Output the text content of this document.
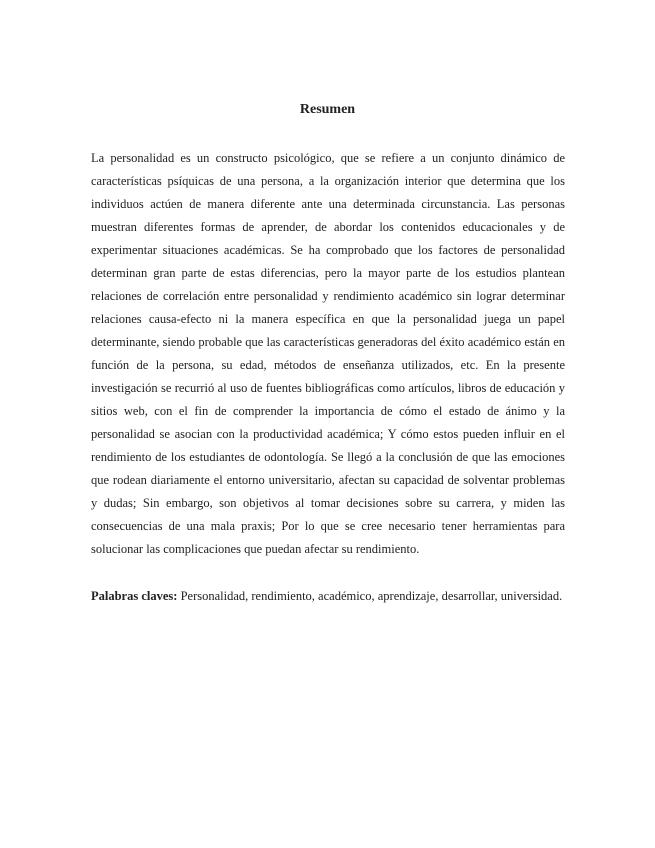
Resumen

La personalidad es un constructo psicológico, que se refiere a un conjunto dinámico de características psíquicas de una persona, a la organización interior que determina que los individuos actúen de manera diferente ante una determinada circunstancia. Las personas muestran diferentes formas de aprender, de abordar los contenidos educacionales y de experimentar situaciones académicas. Se ha comprobado que los factores de personalidad determinan gran parte de estas diferencias, pero la mayor parte de los estudios plantean relaciones de correlación entre personalidad y rendimiento académico sin lograr determinar relaciones causa-efecto ni la manera específica en que la personalidad juega un papel determinante, siendo probable que las características generadoras del éxito académico están en función de la persona, su edad, métodos de enseñanza utilizados, etc. En la presente investigación se recurrió al uso de fuentes bibliográficas como artículos, libros de educación y sitios web, con el fin de comprender la importancia de cómo el estado de ánimo y la personalidad se asocian con la productividad académica; Y cómo estos pueden influir en el rendimiento de los estudiantes de odontología. Se llegó a la conclusión de que las emociones que rodean diariamente el entorno universitario, afectan su capacidad de solventar problemas y dudas; Sin embargo, son objetivos al tomar decisiones sobre su carrera, y miden las consecuencias de una mala praxis; Por lo que se cree necesario tener herramientas para solucionar las complicaciones que puedan afectar su rendimiento.

Palabras claves: Personalidad, rendimiento, académico, aprendizaje, desarrollar, universidad.
